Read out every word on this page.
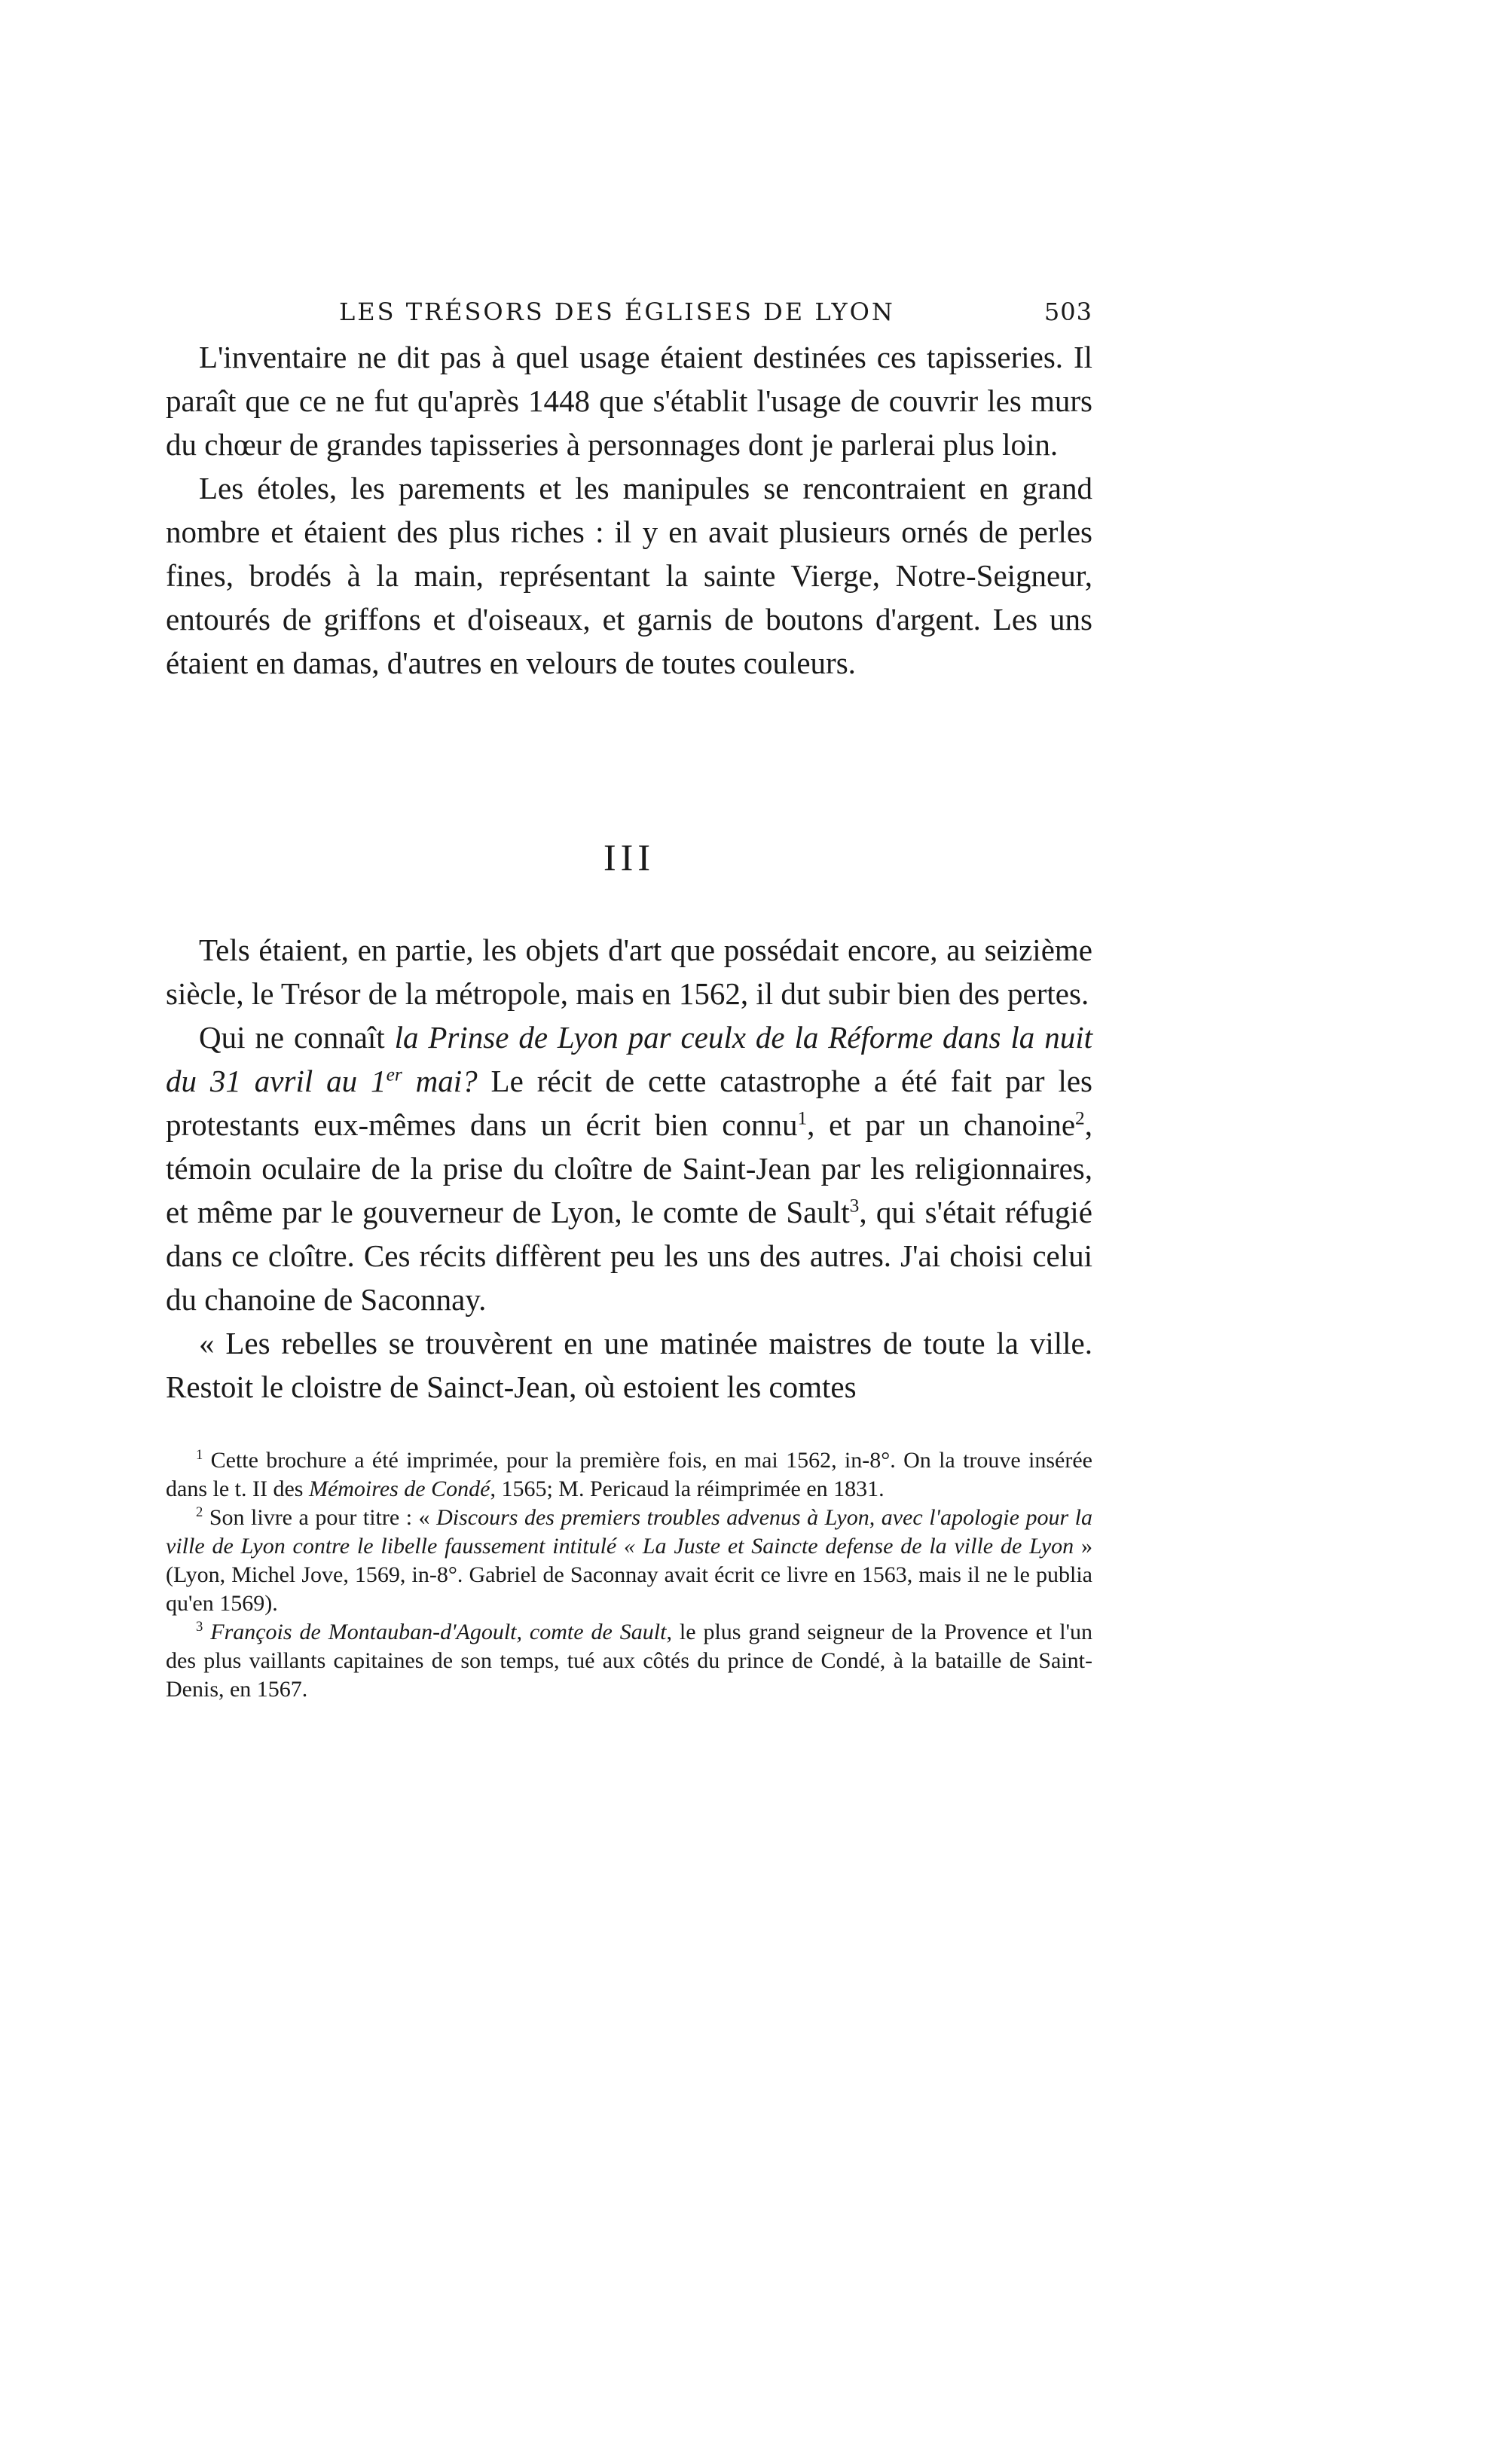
LES TRÉSORS DES ÉGLISES DE LYON	503

L'inventaire ne dit pas à quel usage étaient destinées ces tapisseries. Il paraît que ce ne fut qu'après 1448 que s'établit l'usage de couvrir les murs du chœur de grandes tapisseries à personnages dont je parlerai plus loin.

Les étoles, les parements et les manipules se rencontraient en grand nombre et étaient des plus riches : il y en avait plusieurs ornés de perles fines, brodés à la main, représentant la sainte Vierge, Notre-Seigneur, entourés de griffons et d'oiseaux, et garnis de boutons d'argent. Les uns étaient en damas, d'autres en velours de toutes couleurs.

III

Tels étaient, en partie, les objets d'art que possédait encore, au seizième siècle, le Trésor de la métropole, mais en 1562, il dut subir bien des pertes.

Qui ne connaît la Prinse de Lyon par ceulx de la Réforme dans la nuit du 31 avril au 1er mai? Le récit de cette catastrophe a été fait par les protestants eux-mêmes dans un écrit bien connu$^1$, et par un chanoine$^2$, témoin oculaire de la prise du cloître de Saint-Jean par les religionnaires, et même par le gouverneur de Lyon, le comte de Sault$^3$, qui s'était réfugié dans ce cloître. Ces récits diffèrent peu les uns des autres. J'ai choisi celui du chanoine de Saconnay.

« Les rebelles se trouvèrent en une matinée maistres de toute la ville. Restoit le cloistre de Sainct-Jean, où estoient les comtes

$^1$ Cette brochure a été imprimée, pour la première fois, en mai 1562, in-8°. On la trouve insérée dans le t. II des Mémoires de Condé, 1565; M. Pericaud la réimprimée en 1831.

$^2$ Son livre a pour titre : « Discours des premiers troubles advenus à Lyon, avec l'apologie pour la ville de Lyon contre le libelle faussement intitulé « La Juste et Saincte defense de la ville de Lyon » (Lyon, Michel Jove, 1569, in-8°. Gabriel de Saconnay avait écrit ce livre en 1563, mais il ne le publia qu'en 1569).

$^3$ François de Montauban-d'Agoult, comte de Sault, le plus grand seigneur de la Provence et l'un des plus vaillants capitaines de son temps, tué aux côtés du prince de Condé, à la bataille de Saint-Denis, en 1567.
